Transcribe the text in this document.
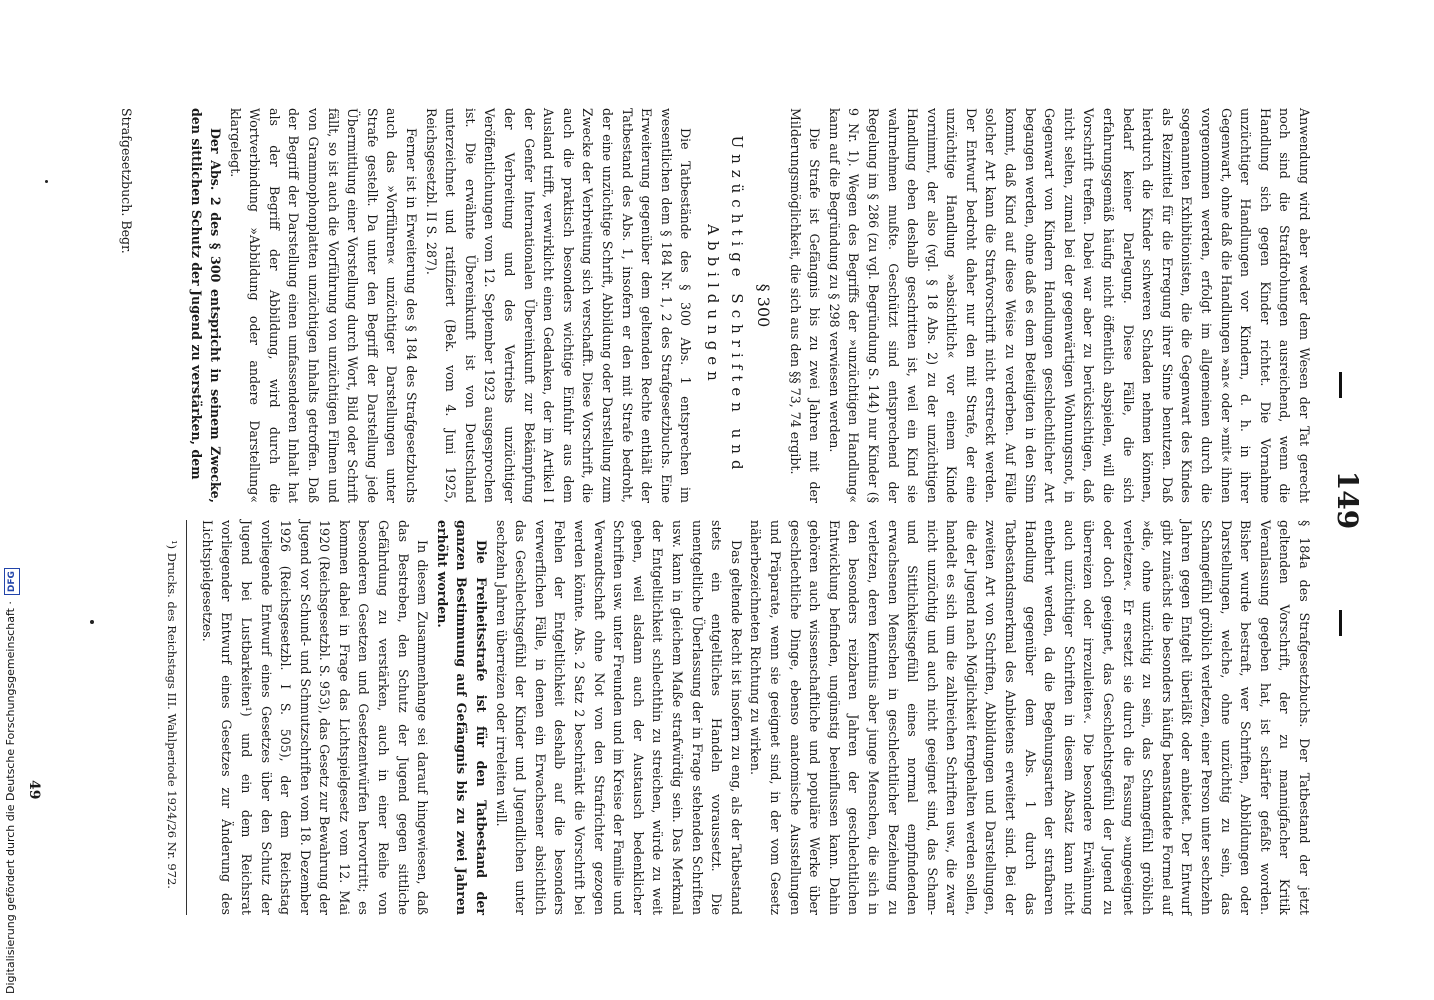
149

Anwendung wird aber weder dem Wesen der Tat gerecht noch sind die Strafdrohungen ausreichend, wenn die Handlung sich gegen Kinder richtet. Die Vornahme unzüchtiger Handlungen vor Kindern, d. h. in ihrer Gegenwart, ohne daß die Handlungen »an« oder »mit« ihnen vorgenommen werden, erfolgt im allgemeinen durch die sogenannten Exhibitionisten, die die Gegenwart des Kindes als Reizmittel für die Erregung ihrer Sinne benutzen. Daß hierdurch die Kinder schweren Schaden nehmen können, bedarf keiner Darlegung. Diese Fälle, die sich erfahrungsgemäß häufig nicht öffentlich abspielen, will die Vorschrift treffen. Dabei war aber zu berücksichtigen, daß nicht selten, zumal bei der gegenwärtigen Wohnungsnot, in Gegenwart von Kindern Handlungen geschlechtlicher Art begangen werden, ohne daß es dem Beteiligten in den Sinn kommt, daß Kind auf diese Weise zu verderben. Auf Fälle solcher Art kann die Strafvorschrift nicht erstreckt werden. Der Entwurf bedroht daher nur den mit Strafe, der eine unzüchtige Handlung »absichtlich« vor einem Kinde vornimmt, der also (vgl. § 18 Abs. 2) zu der unzüchtigen Handlung eben deshalb geschritten ist, weil ein Kind sie wahrnehmen mußte. Geschützt sind entsprechend der Regelung im § 286 (zu vgl. Begründung S. 144) nur Kinder (§ 9 Nr. 1). Wegen des Begriffs der »unzüchtigen Handlung« kann auf die Begründung zu § 298 verwiesen werden.

Die Strafe ist Gefängnis bis zu zwei Jahren mit der Milderungsmöglichkeit, die sich aus den §§ 73, 74 ergibt.

§ 300
Unzüchtige Schriften und Abbildungen

Die Tatbestände des § 300 Abs. 1 entsprechen im wesentlichen dem § 184 Nr. 1, 2 des Strafgesetzbuchs. Eine Erweiterung gegenüber dem geltenden Rechte enthält der Tatbestand des Abs. 1, insofern er den mit Strafe bedroht, der eine unzüchtige Schrift, Abbildung oder Darstellung zum Zwecke der Verbreitung sich verschafft. Diese Vorschrift, die auch die praktisch besonders wichtige Einfuhr aus dem Ausland trifft, verwirklicht einen Gedanken, der im Artikel I der Genfer Internationalen Übereinkunft zur Bekämpfung der Verbreitung und des Vertriebs unzüchtiger Veröffentlichungen vom 12. September 1923 ausgesprochen ist. Die erwähnte Übereinkunft ist von Deutschland unterzeichnet und ratifiziert (Bek. vom 4. Juni 1925, Reichsgesetzbl. II S. 287).

Ferner ist in Erweiterung des § 184 des Strafgesetzbuchs auch das »Vorführen« unzüchtiger Darstellungen unter Strafe gestellt. Da unter den Begriff der Darstellung jede Übermittlung einer Vorstellung durch Wort, Bild oder Schrift fällt, so ist auch die Vorführung von unzüchtigen Filmen und von Grammophonplatten unzüchtigen Inhalts getroffen. Daß der Begriff der Darstellung einen umfassenderen Inhalt hat als der Begriff der Abbildung, wird durch die Wortverbindung »Abbildung oder andere Darstellung« klargelegt.

Der Abs. 2 des § 300 entspricht in seinem Zwecke, den sittlichen Schutz der Jugend zu verstärken, dem

Strafgesetzbuch. Begr.

§ 184a des Strafgesetzbuchs. Der Tatbestand der jetzt geltenden Vorschrift, der zu mannigfacher Kritik Veranlassung gegeben hat, ist schärfer gefaßt worden. Bisher wurde bestraft, wer Schriften, Abbildungen oder Darstellungen, welche, ohne unzüchtig zu sein, das Schamgefühl gröblich verletzen, einer Person unter sechzehn Jahren gegen Entgelt überläßt oder anbietet. Der Entwurf gibt zunächst die besonders häufig beanstandete Formel auf »die, ohne unzüchtig zu sein, das Schamgefühl gröblich verletzen«. Er ersetzt sie durch die Fassung »ungeeignet oder doch geeignet, das Geschlechtsgefühl der Jugend zu überreizen oder irrezuleiten«. Die besondere Erwähnung auch unzüchtiger Schriften in diesem Absatz kann nicht entbehrt werden, da die Begehungsarten der strafbaren Handlung gegenüber dem Abs. 1 durch das Tatbestandsmerkmal des Anbietens erweitert sind. Bei der zweiten Art von Schriften, Abbildungen und Darstellungen, die der Jugend nach Möglichkeit ferngehalten werden sollen, handelt es sich um die zahlreichen Schriften usw., die zwar nicht unzüchtig und auch nicht geeignet sind, das Scham- und Sittlichkeitsgefühl eines normal empfindenden erwachsenen Menschen in geschlechtlicher Beziehung zu verletzen, deren Kenntnis aber junge Menschen, die sich in den besonders reizbaren Jahren der geschlechtlichen Entwicklung befinden, ungünstig beeinflussen kann. Dahin gehören auch wissenschaftliche und populäre Werke über geschlechtliche Dinge, ebenso anatomische Ausstellungen und Präparate, wenn sie geeignet sind, in der vom Gesetz näherbezeichneten Richtung zu wirken.

Das geltende Recht ist insofern zu eng, als der Tatbestand stets ein entgeltliches Handeln voraussetzt. Die unentgeltliche Überlassung der in Frage stehenden Schriften usw. kann in gleichem Maße strafwürdig sein. Das Merkmal der Entgeltlichkeit schlechthin zu streichen, würde zu weit gehen, weil alsdann auch der Austausch bedenklicher Schriften usw. unter Freunden und im Kreise der Familie und Verwandtschaft ohne Not von den Strafrichter gezogen werden könnte. Abs. 2 Satz 2 beschränkt die Vorschrift bei Fehlen der Entgeltlichkeit deshalb auf die besonders verwerflichen Fälle, in denen ein Erwachsener absichtlich das Geschlechtsgefühl der Kinder und Jugendlichen unter sechzehn Jahren überreizen oder irreleiten will.

Die Freiheitsstrafe ist für den Tatbestand der ganzen Bestimmung auf Gefängnis bis zu zwei Jahren erhöht worden.

In diesem Zusammenhange sei darauf hingewiesen, daß das Bestreben, den Schutz der Jugend gegen sittliche Gefährdung zu verstärken, auch in einer Reihe von besonderen Gesetzen und Gesetzentwürfen hervortritt; es kommen dabei in Frage das Lichtspielgesetz vom 12. Mai 1920 (Reichsgesetzbl. S. 953), das Gesetz zur Bewahrung der Jugend vor Schund- und Schmutzschriften vom 18. Dezember 1926 (Reichsgesetzbl. I S. 505), der dem Reichstag vorliegende Entwurf eines Gesetzes über den Schutz der Jugend bei Lustbarkeiten¹) und ein dem Reichsrat vorliegender Entwurf eines Gesetzes zur Änderung des Lichtspielgesetzes.

¹) Drucks. des Reichstags III. Wahlperiode 1924/26 Nr. 972.

49
Digitalisierung gefördert durch die Deutsche Forschungsgemeinschaft ·DFG
